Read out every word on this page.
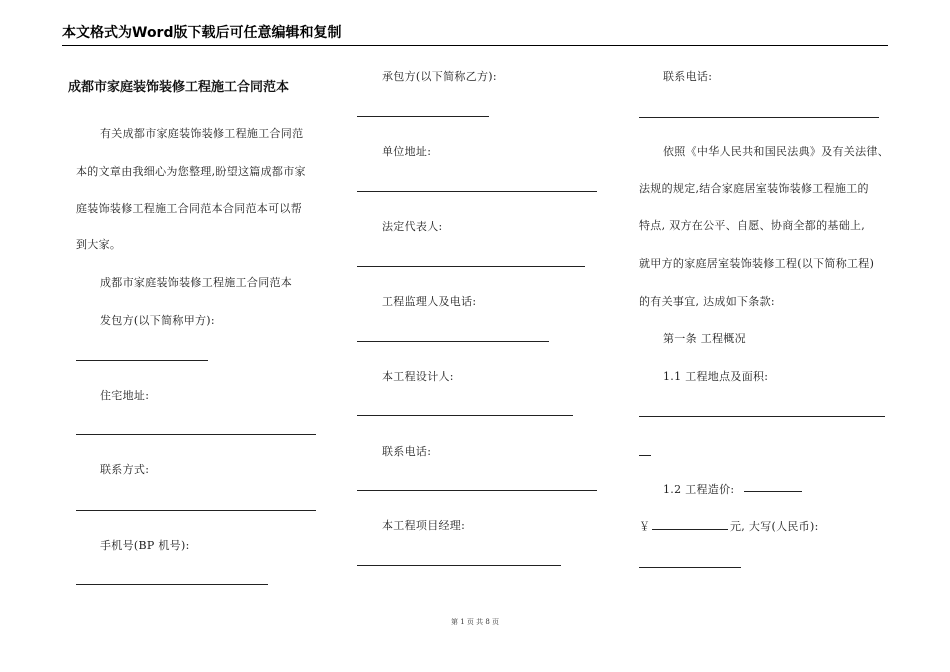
本文格式为Word版下载后可任意编辑和复制
成都市家庭装饰装修工程施工合同范本
有关成都市家庭装饰装修工程施工合同范
本的文章由我细心为您整理,盼望这篇成都市家
庭装饰装修工程施工合同范本合同范本可以帮
到大家。
成都市家庭装饰装修工程施工合同范本
发包方(以下简称甲方):
住宅地址:
联系方式:
手机号(BP 机号):
承包方(以下简称乙方):
单位地址:
法定代表人:
工程监理人及电话:
本工程设计人:
联系电话:
本工程项目经理:
联系电话:
依照《中华人民共和国民法典》及有关法律、
法规的规定,结合家庭居室装饰装修工程施工的
特点, 双方在公平、自愿、协商全都的基础上,
就甲方的家庭居室装饰装修工程(以下简称工程)
的有关事宜, 达成如下条款:
第一条 工程概况
1.1 工程地点及面积:
1.2 工程造价:
￥	元, 大写(人民币):
第 1 页 共 8 页
